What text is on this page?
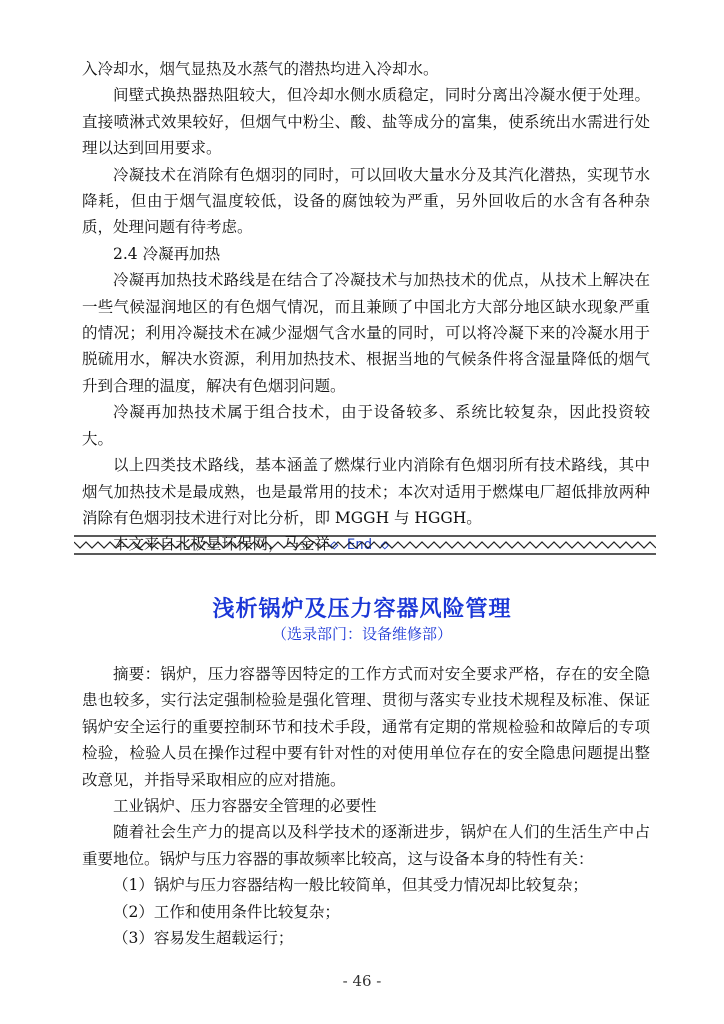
入冷却水，烟气显热及水蒸气的潜热均进入冷却水。

间壁式换热器热阻较大，但冷却水侧水质稳定，同时分离出冷凝水便于处理。直接喷淋式效果较好，但烟气中粉尘、酸、盐等成分的富集，使系统出水需进行处理以达到回用要求。

冷凝技术在消除有色烟羽的同时，可以回收大量水分及其汽化潜热，实现节水降耗，但由于烟气温度较低，设备的腐蚀较为严重，另外回收后的水含有各种杂质，处理问题有待考虑。

2.4 冷凝再加热

冷凝再加热技术路线是在结合了冷凝技术与加热技术的优点，从技术上解决在一些气候湿润地区的有色烟气情况，而且兼顾了中国北方大部分地区缺水现象严重的情况；利用冷凝技术在减少湿烟气含水量的同时，可以将冷凝下来的冷凝水用于脱硫用水，解决水资源，利用加热技术、根据当地的气候条件将含湿量降低的烟气升到合理的温度，解决有色烟羽问题。

冷凝再加热技术属于组合技术，由于设备较多、系统比较复杂，因此投资较大。

以上四类技术路线，基本涵盖了燃煤行业内消除有色烟羽所有技术路线，其中烟气加热技术是最成熟，也是最常用的技术；本次对适用于燃煤电厂超低排放两种消除有色烟羽技术进行对比分析，即 MGGH 与 HGGH。

本文来自北极星环保网，马金祥◇ End ◇

浅析锅炉及压力容器风险管理
（选录部门：设备维修部）

摘要：锅炉，压力容器等因特定的工作方式而对安全要求严格，存在的安全隐患也较多，实行法定强制检验是强化管理、贯彻与落实专业技术规程及标准、保证锅炉安全运行的重要控制环节和技术手段，通常有定期的常规检验和故障后的专项检验，检验人员在操作过程中要有针对性的对使用单位存在的安全隐患问题提出整改意见，并指导采取相应的应对措施。

工业锅炉、压力容器安全管理的必要性

随着社会生产力的提高以及科学技术的逐渐进步，锅炉在人们的生活生产中占重要地位。锅炉与压力容器的事故频率比较高，这与设备本身的特性有关：

（1）锅炉与压力容器结构一般比较简单，但其受力情况却比较复杂；

（2）工作和使用条件比较复杂；

（3）容易发生超载运行；

- 46 -
